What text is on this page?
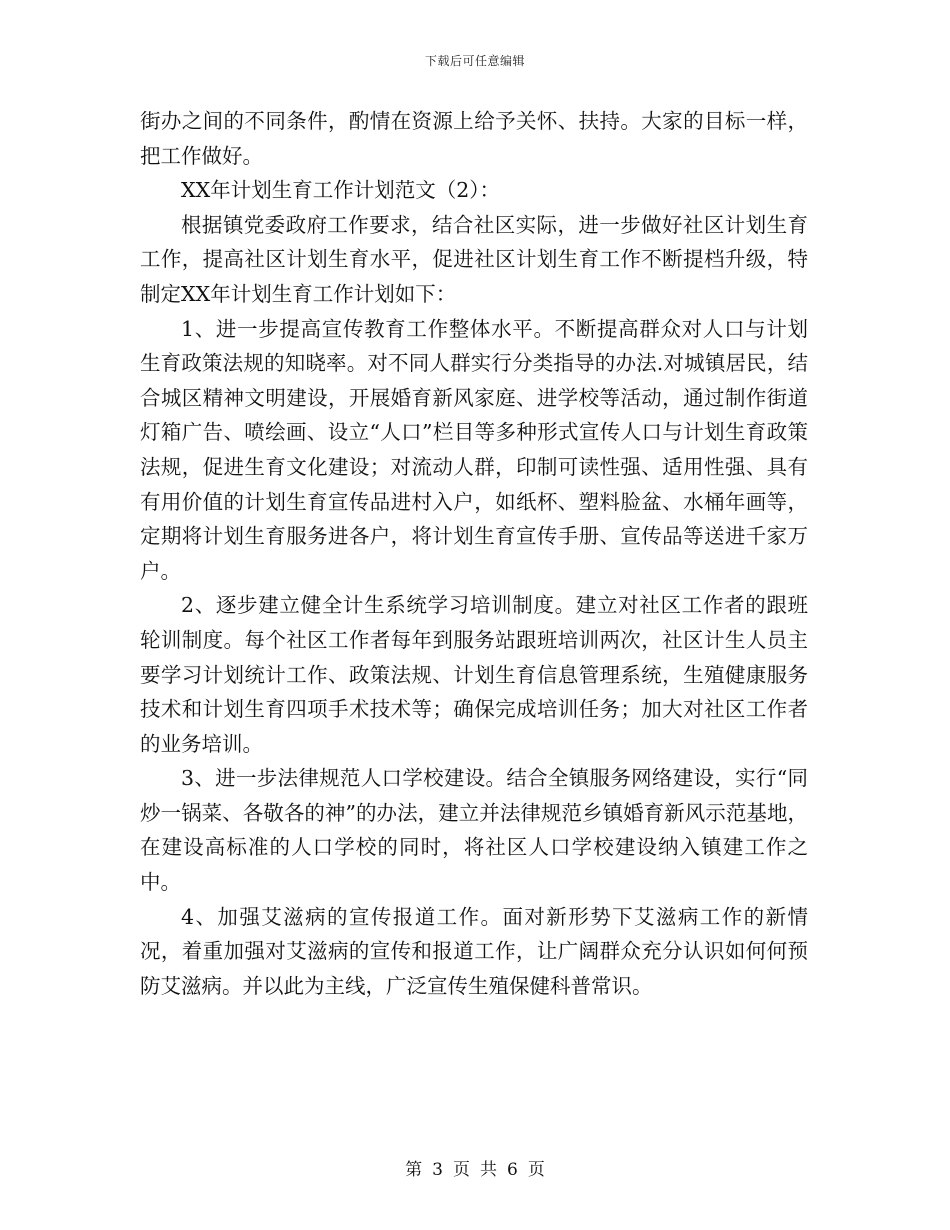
下载后可任意编辑

街办之间的不同条件，酌情在资源上给予关怀、扶持。大家的目标一样，把工作做好。

XX年计划生育工作计划范文（2）：

根据镇党委政府工作要求，结合社区实际，进一步做好社区计划生育工作，提高社区计划生育水平，促进社区计划生育工作不断提档升级，特制定XX年计划生育工作计划如下：

1、进一步提高宣传教育工作整体水平。不断提高群众对人口与计划生育政策法规的知晓率。对不同人群实行分类指导的办法.对城镇居民，结合城区精神文明建设，开展婚育新风家庭、进学校等活动，通过制作街道灯箱广告、喷绘画、设立“人口”栏目等多种形式宣传人口与计划生育政策法规，促进生育文化建设；对流动人群，印制可读性强、适用性强、具有有用价值的计划生育宣传品进村入户，如纸杯、塑料脸盆、水桶年画等，定期将计划生育服务进各户，将计划生育宣传手册、宣传品等送进千家万户。

2、逐步建立健全计生系统学习培训制度。建立对社区工作者的跟班轮训制度。每个社区工作者每年到服务站跟班培训两次，社区计生人员主要学习计划统计工作、政策法规、计划生育信息管理系统，生殖健康服务技术和计划生育四项手术技术等；确保完成培训任务；加大对社区工作者的业务培训。

3、进一步法律规范人口学校建设。结合全镇服务网络建设，实行“同炒一锅菜、各敬各的神”的办法，建立并法律规范乡镇婚育新风示范基地，在建设高标准的人口学校的同时，将社区人口学校建设纳入镇建工作之中。

4、加强艾滋病的宣传报道工作。面对新形势下艾滋病工作的新情况，着重加强对艾滋病的宣传和报道工作，让广阔群众充分认识如何何预防艾滋病。并以此为主线，广泛宣传生殖保健科普常识。

第 3 页 共 6 页
